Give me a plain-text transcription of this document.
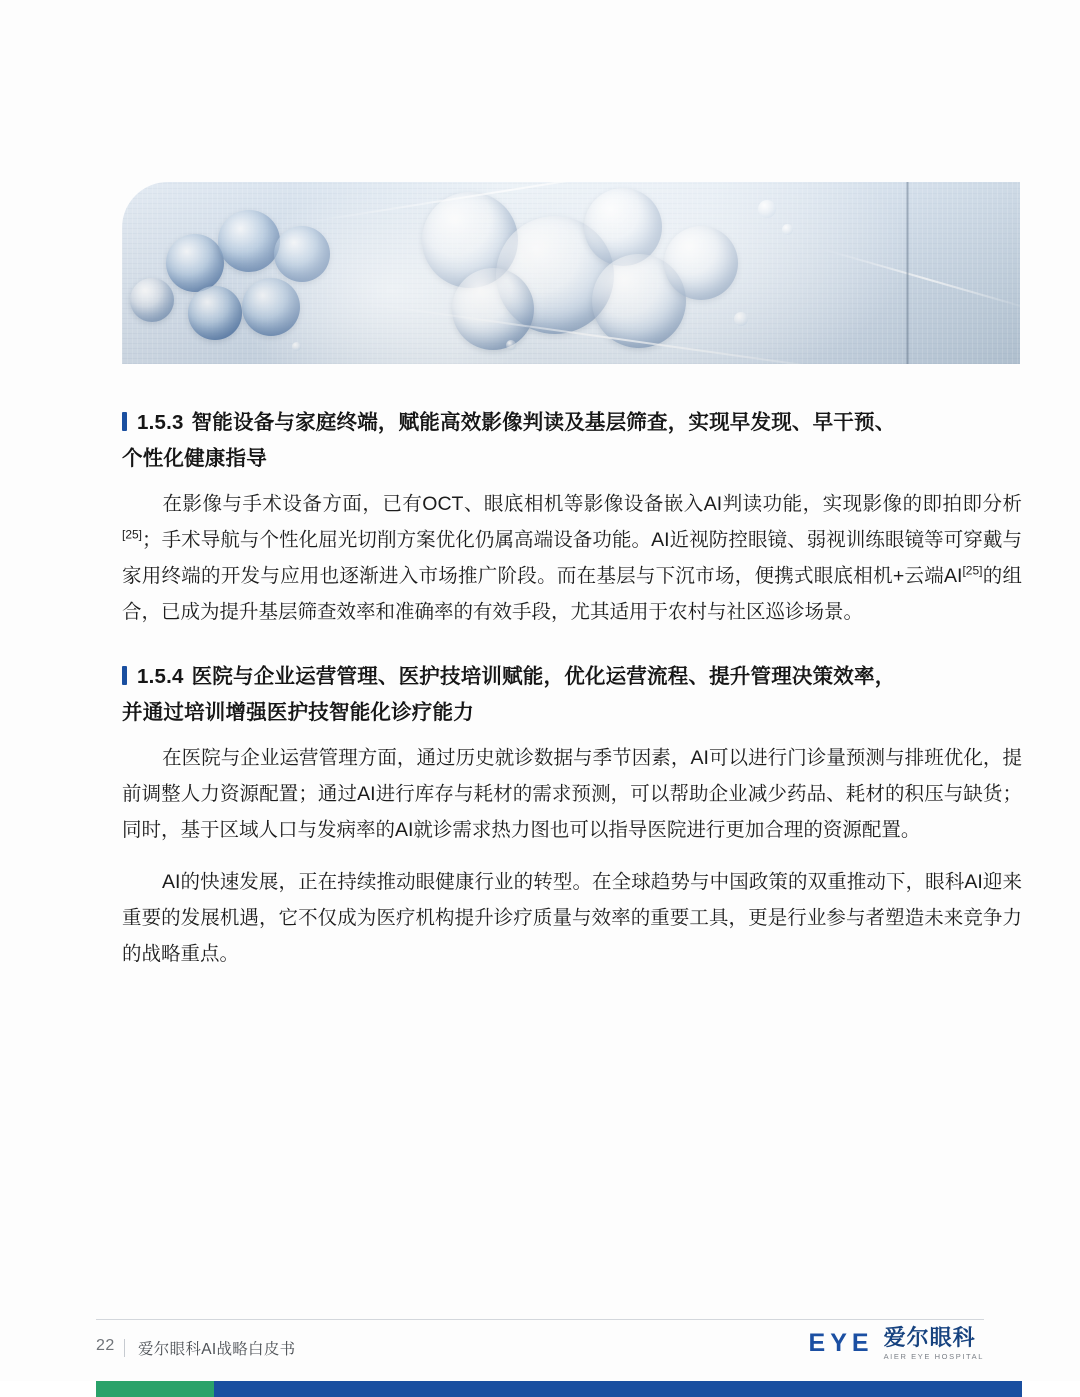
1.5.3 智能设备与家庭终端，赋能高效影像判读及基层筛查，实现早发现、早干预、
个性化健康指导

在影像与手术设备方面，已有OCT、眼底相机等影像设备嵌入AI判读功能，实现影像的即拍即分析[25]；手术导航与个性化屈光切削方案优化仍属高端设备功能。AI近视防控眼镜、弱视训练眼镜等可穿戴与家用终端的开发与应用也逐渐进入市场推广阶段。而在基层与下沉市场，便携式眼底相机+云端AI[25]的组合，已成为提升基层筛查效率和准确率的有效手段，尤其适用于农村与社区巡诊场景。

1.5.4 医院与企业运营管理、医护技培训赋能，优化运营流程、提升管理决策效率，
并通过培训增强医护技智能化诊疗能力

在医院与企业运营管理方面，通过历史就诊数据与季节因素，AI可以进行门诊量预测与排班优化，提前调整人力资源配置；通过AI进行库存与耗材的需求预测，可以帮助企业减少药品、耗材的积压与缺货；同时，基于区域人口与发病率的AI就诊需求热力图也可以指导医院进行更加合理的资源配置。

AI的快速发展，正在持续推动眼健康行业的转型。在全球趋势与中国政策的双重推动下，眼科AI迎来重要的发展机遇，它不仅成为医疗机构提升诊疗质量与效率的重要工具，更是行业参与者塑造未来竞争力的战略重点。

22 爱尔眼科AI战略白皮书	EYE 爱尔眼科
AIER EYE HOSPITAL
